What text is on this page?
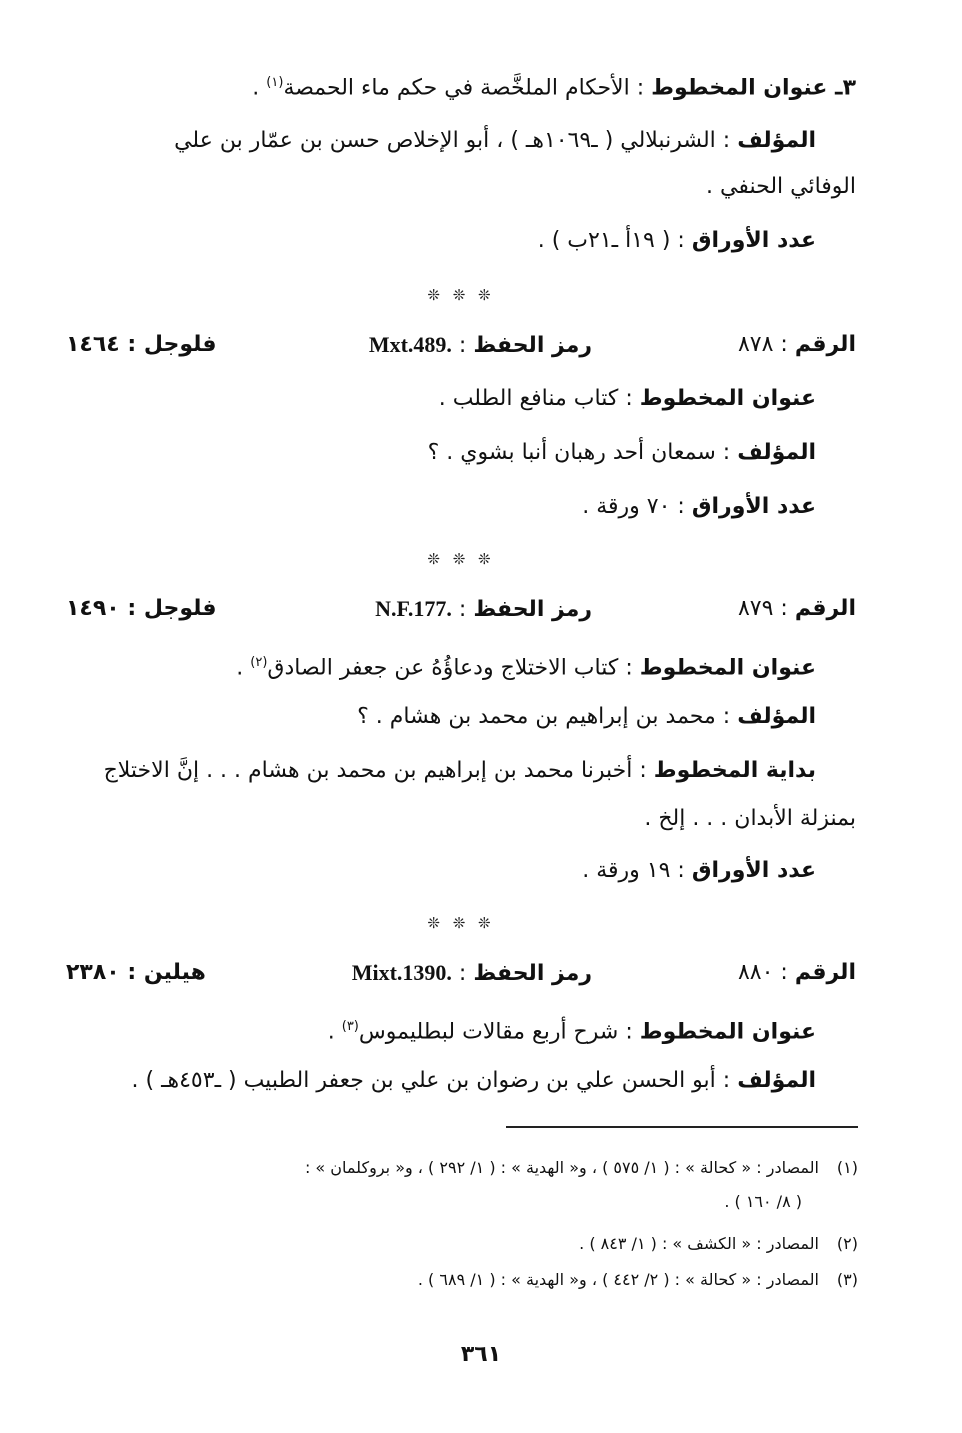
٣ـ عنوان المخطوط : الأحكام الملخَّصة في حكم ماء الحمصة$^{(١)}$ .
المؤلف : الشرنبلالي ( ـ١٠٦٩هـ ) ، أبو الإخلاص حسن بن عمّار بن علي
الوفائي الحنفي .
عدد الأوراق : ( ١٩أ ـ٢١ب ) .
❊ ❊ ❊
الرقم : ٨٧٨
رمز الحفظ : Mxt.489.
فلوجل : ١٤٦٤
عنوان المخطوط : كتاب منافع الطلب .
المؤلف : سمعان أحد رهبان أنبا بشوي . ؟
عدد الأوراق : ٧٠ ورقة .
❊ ❊ ❊
الرقم : ٨٧٩
رمز الحفظ : N.F.177.
فلوجل : ١٤٩٠
عنوان المخطوط : كتاب الاختلاج ودعاؤُهُ عن جعفر الصادق$^{(٢)}$ .
المؤلف : محمد بن إبراهيم بن محمد بن هشام . ؟
بداية المخطوط : أخبرنا محمد بن إبراهيم بن محمد بن هشام . . . إنَّ الاختلاج
بمنزلة الأبدان . . . إلخ .
عدد الأوراق : ١٩ ورقة .
❊ ❊ ❊
الرقم : ٨٨٠
رمز الحفظ : Mixt.1390.
هيلين : ٢٣٨٠
عنوان المخطوط : شرح أربع مقالات لبطليموس$^{(٣)}$ .
المؤلف : أبو الحسن علي بن رضوان بن علي بن جعفر الطبيب ( ـ٤٥٣هـ ) .
(١) المصادر : « كحالة » : ( ١/ ٥٧٥ ) ، و« الهدية » : ( ١/ ٢٩٢ ) ، و« بروكلمان » :
( ٨/ ١٦٠ ) .
(٢) المصادر : « الكشف » : ( ١/ ٨٤٣ ) .
(٣) المصادر : « كحالة » : ( ٢/ ٤٤٢ ) ، و« الهدية » : ( ١/ ٦٨٩ ) .
٣٦١
